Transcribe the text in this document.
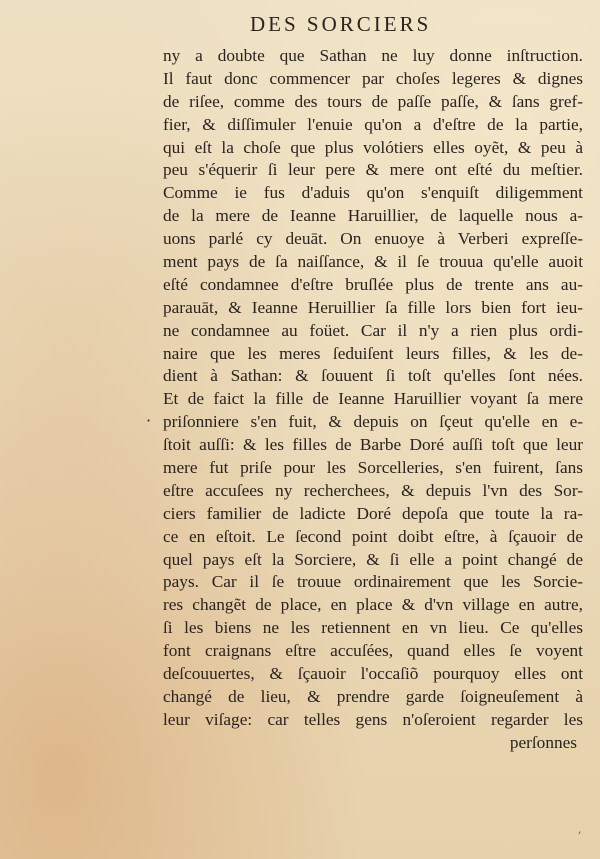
DES SORCIERS
·
ny a doubte que Sathan ne luy donne inſtruction.
Il faut donc commencer par choſes legeres & dignes
de riſee, comme des tours de paſſe paſſe, & ſans gref-
fier, & diſſimuler l'enuie qu'on a d'eſtre de la partie,
qui eſt la choſe que plus volótiers elles oyẽt, & peu à
peu s'équerir ſi leur pere & mere ont eſté du meſtier.
Comme ie fus d'aduis qu'on s'enquiſt diligemment
de la mere de Ieanne Haruillier, de laquelle nous a-
uons parlé cy deuāt. On enuoye à Verberi expreſſe-
ment pays de ſa naiſſance, & il ſe trouua qu'elle auoit
eſté condamnee d'eſtre bruſlée plus de trente ans au-
parauāt, & Ieanne Heruillier ſa fille lors bien fort ieu-
ne condamnee au foüet. Car il n'y a rien plus ordi-
naire que les meres ſeduiſent leurs filles, & les de-
dient à Sathan: & ſouuent ſi toſt qu'elles ſont nées.
Et de faict la fille de Ieanne Haruillier voyant ſa mere
priſonniere s'en fuit, & depuis on ſçeut qu'elle en e-
ſtoit auſſi: & les filles de Barbe Doré auſſi toſt que leur
mere fut priſe pour les Sorcelleries, s'en fuirent, ſans
eſtre accuſees ny recherchees, & depuis l'vn des Sor-
ciers familier de ladicte Doré depoſa que toute la ra-
ce en eſtoit. Le ſecond point doibt eſtre, à ſçauoir de
quel pays eſt la Sorciere, & ſi elle a point changé de
pays. Car il ſe trouue ordinairement que les Sorcie-
res changẽt de place, en place & d'vn village en autre,
ſi les biens ne les retiennent en vn lieu. Ce qu'elles
font craignans eſtre accuſées, quand elles ſe voyent
deſcouuertes, & ſçauoir l'occaſiõ pourquoy elles ont
changé de lieu, & prendre garde ſoigneuſement à
leur viſage: car telles gens n'oſeroient regarder les
perſonnes
,
